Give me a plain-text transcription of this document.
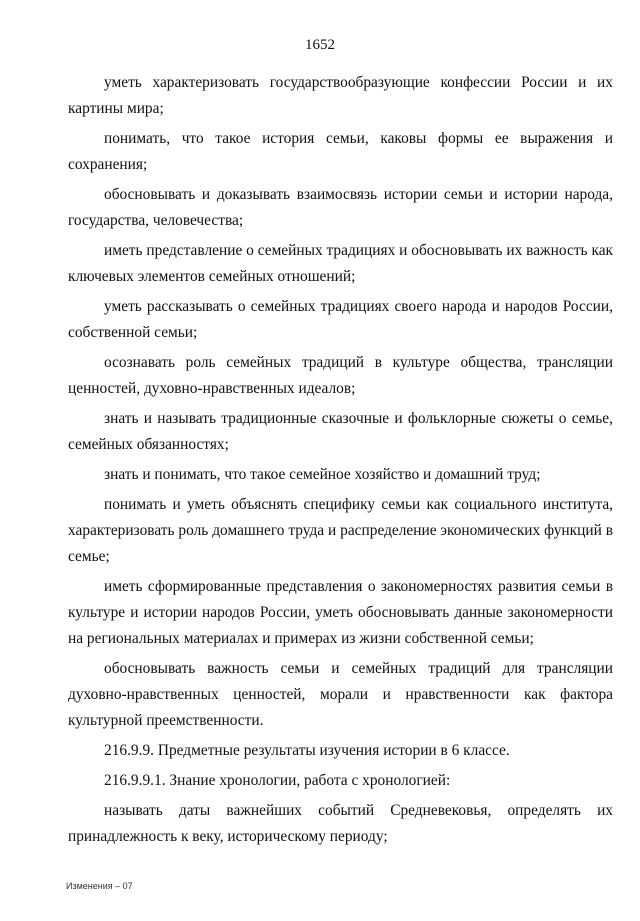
1652

уметь характеризовать государствообразующие конфессии России и их картины мира;

понимать, что такое история семьи, каковы формы ее выражения и сохранения;

обосновывать и доказывать взаимосвязь истории семьи и истории народа, государства, человечества;

иметь представление о семейных традициях и обосновывать их важность как ключевых элементов семейных отношений;

уметь рассказывать о семейных традициях своего народа и народов России, собственной семьи;

осознавать роль семейных традиций в культуре общества, трансляции ценностей, духовно-нравственных идеалов;

знать и называть традиционные сказочные и фольклорные сюжеты о семье, семейных обязанностях;

знать и понимать, что такое семейное хозяйство и домашний труд;

понимать и уметь объяснять специфику семьи как социального института, характеризовать роль домашнего труда и распределение экономических функций в семье;

иметь сформированные представления о закономерностях развития семьи в культуре и истории народов России, уметь обосновывать данные закономерности на региональных материалах и примерах из жизни собственной семьи;

обосновывать важность семьи и семейных традиций для трансляции духовно-нравственных ценностей, морали и нравственности как фактора культурной преемственности.

216.9.9. Предметные результаты изучения истории в 6 классе.

216.9.9.1. Знание хронологии, работа с хронологией:

называть даты важнейших событий Средневековья, определять их принадлежность к веку, историческому периоду;

Изменения – 07
